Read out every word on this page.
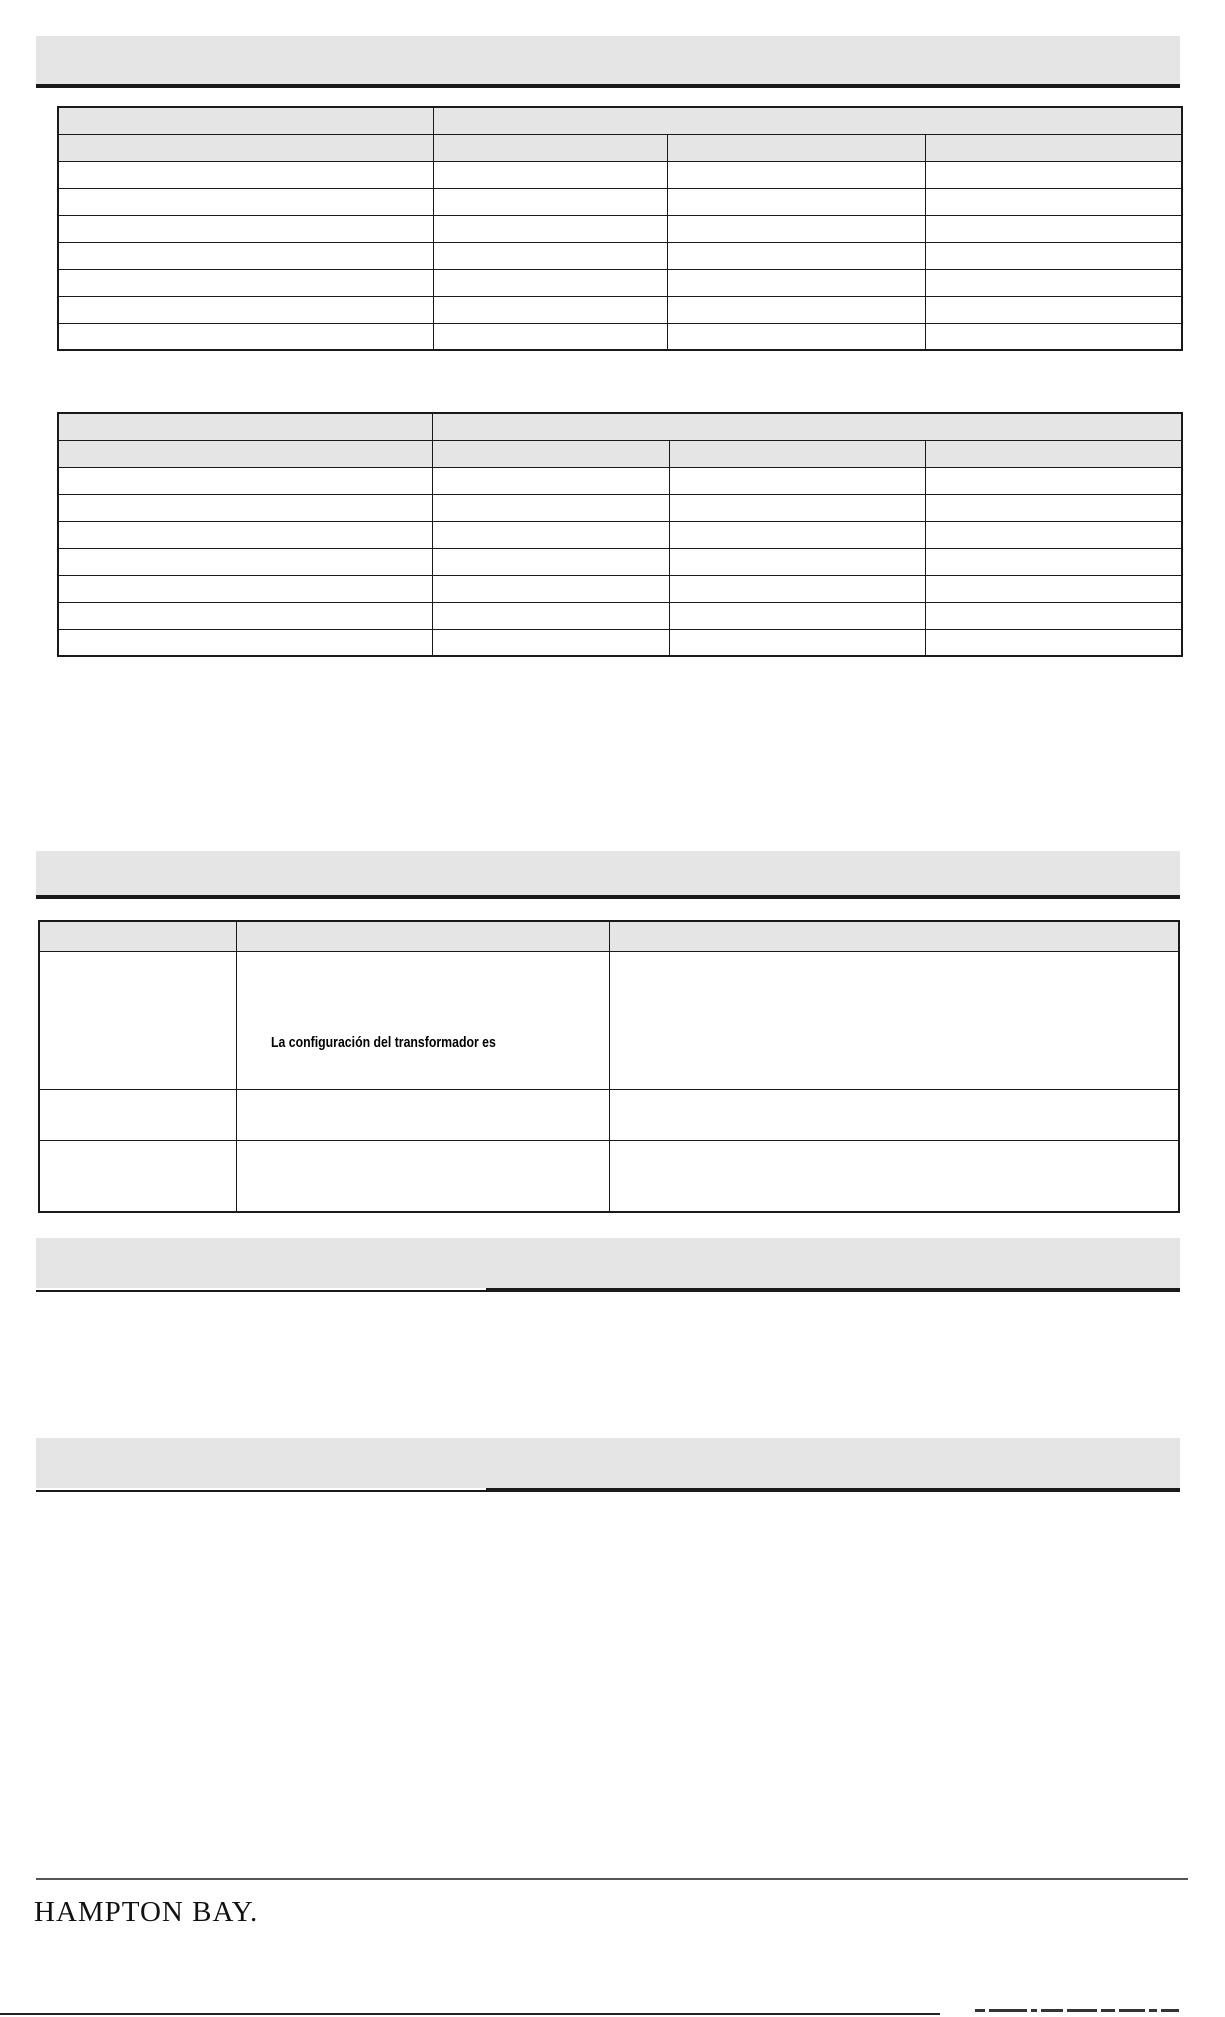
	La configuración del transformador es	

HAMPTON BAY.
